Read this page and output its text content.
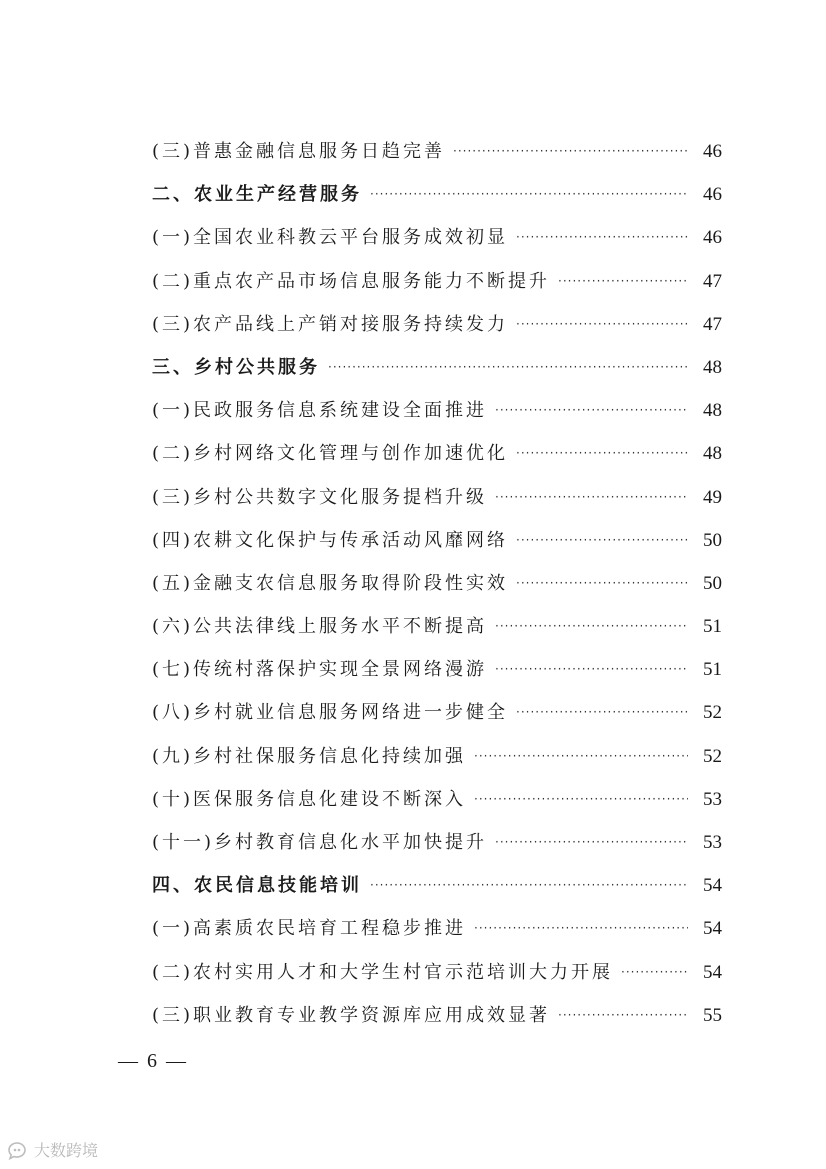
(三)普惠金融信息服务日趋完善 ·····	46
二、农业生产经营服务 ·····	46
(一)全国农业科教云平台服务成效初显 ·····	46
(二)重点农产品市场信息服务能力不断提升 ·····	47
(三)农产品线上产销对接服务持续发力 ·····	47
三、乡村公共服务 ·····	48
(一)民政服务信息系统建设全面推进 ·····	48
(二)乡村网络文化管理与创作加速优化 ·····	48
(三)乡村公共数字文化服务提档升级 ·····	49
(四)农耕文化保护与传承活动风靡网络 ·····	50
(五)金融支农信息服务取得阶段性实效 ·····	50
(六)公共法律线上服务水平不断提高 ·····	51
(七)传统村落保护实现全景网络漫游 ·····	51
(八)乡村就业信息服务网络进一步健全 ·····	52
(九)乡村社保服务信息化持续加强 ·····	52
(十)医保服务信息化建设不断深入 ·····	53
(十一)乡村教育信息化水平加快提升 ·····	53
四、农民信息技能培训 ·····	54
(一)高素质农民培育工程稳步推进 ·····	54
(二)农村实用人才和大学生村官示范培训大力开展 ·····	54
(三)职业教育专业教学资源库应用成效显著 ·····	55
— 6 —
大数跨境
